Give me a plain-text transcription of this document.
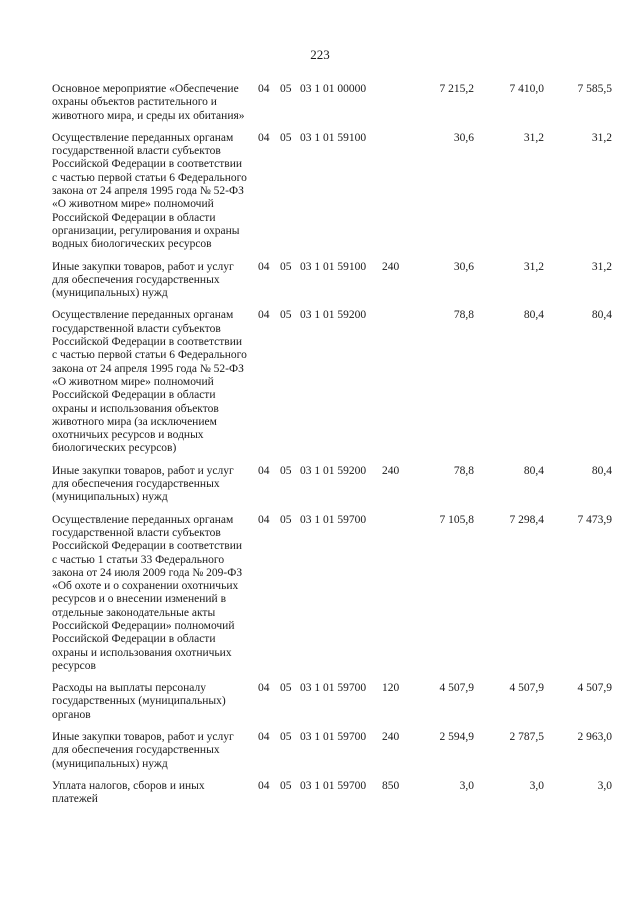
223
Основное мероприятие «Обеспечение охраны объектов растительного и животного мира, и среды их обитания»	04	05	03 1 01 00000		7 215,2	7 410,0	7 585,5
Осуществление переданных органам государственной власти субъектов Российской Федерации в соответствии с частью первой статьи 6 Федерального закона от 24 апреля 1995 года № 52-ФЗ «О животном мире» полномочий Российской Федерации в области организации, регулирования и охраны водных биологических ресурсов	04	05	03 1 01 59100		30,6	31,2	31,2
Иные закупки товаров, работ и услуг для обеспечения государственных (муниципальных) нужд	04	05	03 1 01 59100	240	30,6	31,2	31,2
Осуществление переданных органам государственной власти субъектов Российской Федерации в соответствии с частью первой статьи 6 Федерального закона от 24 апреля 1995 года № 52-ФЗ «О животном мире» полномочий Российской Федерации в области охраны и использования объектов животного мира (за исключением охотничьих ресурсов и водных биологических ресурсов)	04	05	03 1 01 59200		78,8	80,4	80,4
Иные закупки товаров, работ и услуг для обеспечения государственных (муниципальных) нужд	04	05	03 1 01 59200	240	78,8	80,4	80,4
Осуществление переданных органам государственной власти субъектов Российской Федерации в соответствии с частью 1 статьи 33 Федерального закона от 24 июля 2009 года № 209-ФЗ «Об охоте и о сохранении охотничьих ресурсов и о внесении изменений в отдельные законодательные акты Российской Федерации» полномочий Российской Федерации в области охраны и использования охотничьих ресурсов	04	05	03 1 01 59700		7 105,8	7 298,4	7 473,9
Расходы на выплаты персоналу государственных (муниципальных) органов	04	05	03 1 01 59700	120	4 507,9	4 507,9	4 507,9
Иные закупки товаров, работ и услуг для обеспечения государственных (муниципальных) нужд	04	05	03 1 01 59700	240	2 594,9	2 787,5	2 963,0
Уплата налогов, сборов и иных платежей	04	05	03 1 01 59700	850	3,0	3,0	3,0
